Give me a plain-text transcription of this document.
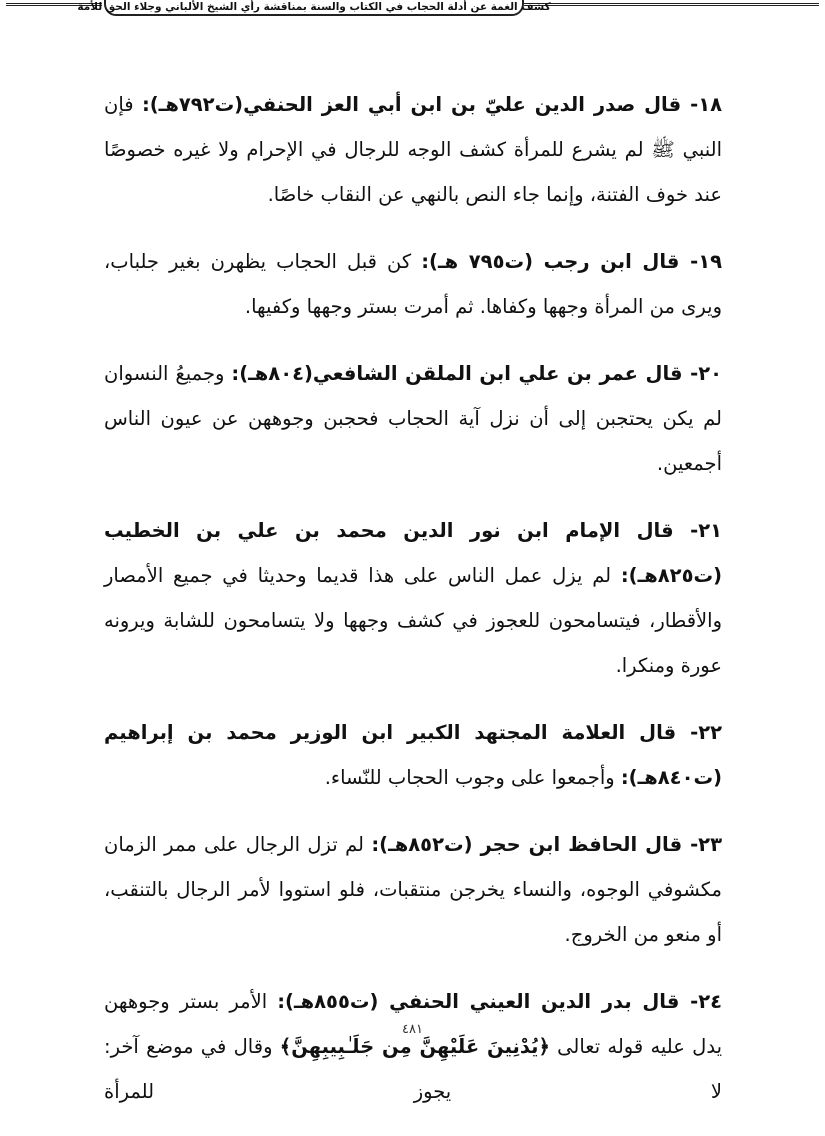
كشف الغمة عن أدلة الحجاب في الكتاب والسنة بمناقشة رأي الشيخ الألباني وجلاء الحق للأمة

١٨- قال صدر الدين عليّ بن ابن أبي العز الحنفي(ت٧٩٢هـ): فإن النبي ﷺ لم يشرع للمرأة كشف الوجه للرجال في الإحرام ولا غيره خصوصًا عند خوف الفتنة، وإنما جاء النص بالنهي عن النقاب خاصًا.

١٩- قال ابن رجب (ت٧٩٥ هـ): كن قبل الحجاب يظهرن بغير جلباب، ويرى من المرأة وجهها وكفاها. ثم أمرت بستر وجهها وكفيها.

٢٠- قال عمر بن علي ابن الملقن الشافعي(٨٠٤هـ): وجميعُ النسوان لم يكن يحتجبن إلى أن نزل آية الحجاب فحجبن وجوههن عن عيون الناس أجمعين.

٢١- قال الإمام ابن نور الدين محمد بن علي بن الخطيب (ت٨٢٥هـ): لم يزل عمل الناس على هذا قديما وحديثا في جميع الأمصار والأقطار، فيتسامحون للعجوز في كشف وجهها ولا يتسامحون للشابة ويرونه عورة ومنكرا.

٢٢- قال العلامة المجتهد الكبير ابن الوزير محمد بن إبراهيم (ت٨٤٠هـ): وأجمعوا على وجوب الحجاب للنّساء.

٢٣- قال الحافظ ابن حجر (ت٨٥٢هـ): لم تزل الرجال على ممر الزمان مكشوفي الوجوه، والنساء يخرجن منتقبات، فلو استووا لأمر الرجال بالتنقب، أو منعو من الخروج.

٢٤- قال بدر الدين العيني الحنفي (ت٨٥٥هـ): الأمر بستر وجوههن يدل عليه قوله تعالى ﴿يُدْنِينَ عَلَيْهِنَّ مِن جَلَـٰبِيبِهِنَّ﴾ وقال في موضع آخر: لا يجوز للمرأة

٤٨١
